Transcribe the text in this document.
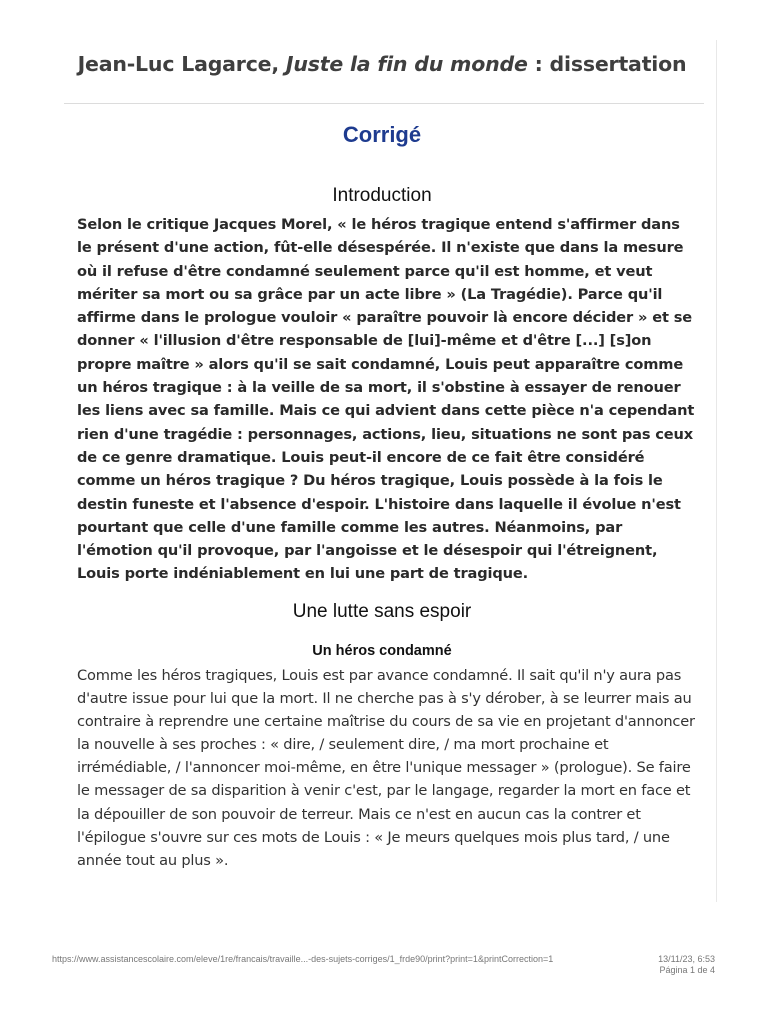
Jean-Luc Lagarce, Juste la fin du monde : dissertation
Corrigé
Introduction

Selon le critique Jacques Morel, « le héros tragique entend s'affirmer dans le présent d'une action, fût-elle désespérée. Il n'existe que dans la mesure où il refuse d'être condamné seulement parce qu'il est homme, et veut mériter sa mort ou sa grâce par un acte libre » (La Tragédie). Parce qu'il affirme dans le prologue vouloir « paraître pouvoir là encore décider » et se donner « l'illusion d'être responsable de [lui]-même et d'être [...] [s]on propre maître » alors qu'il se sait condamné, Louis peut apparaître comme un héros tragique : à la veille de sa mort, il s'obstine à essayer de renouer les liens avec sa famille. Mais ce qui advient dans cette pièce n'a cependant rien d'une tragédie : personnages, actions, lieu, situations ne sont pas ceux de ce genre dramatique. Louis peut-il encore de ce fait être considéré comme un héros tragique ? Du héros tragique, Louis possède à la fois le destin funeste et l'absence d'espoir. L'histoire dans laquelle il évolue n'est pourtant que celle d'une famille comme les autres. Néanmoins, par l'émotion qu'il provoque, par l'angoisse et le désespoir qui l'étreignent, Louis porte indéniablement en lui une part de tragique.

Une lutte sans espoir
Un héros condamné

Comme les héros tragiques, Louis est par avance condamné. Il sait qu'il n'y aura pas d'autre issue pour lui que la mort. Il ne cherche pas à s'y dérober, à se leurrer mais au contraire à reprendre une certaine maîtrise du cours de sa vie en projetant d'annoncer la nouvelle à ses proches : « dire, / seulement dire, / ma mort prochaine et irrémédiable, / l'annoncer moi-même, en être l'unique messager » (prologue). Se faire le messager de sa disparition à venir c'est, par le langage, regarder la mort en face et la dépouiller de son pouvoir de terreur. Mais ce n'est en aucun cas la contrer et l'épilogue s'ouvre sur ces mots de Louis : « Je meurs quelques mois plus tard, / une année tout au plus ».

https://www.assistancescolaire.com/eleve/1re/francais/travaille...-des-sujets-corriges/1_frde90/print?print=1&printCorrection=1	13/11/23, 6:53
Página 1 de 4
